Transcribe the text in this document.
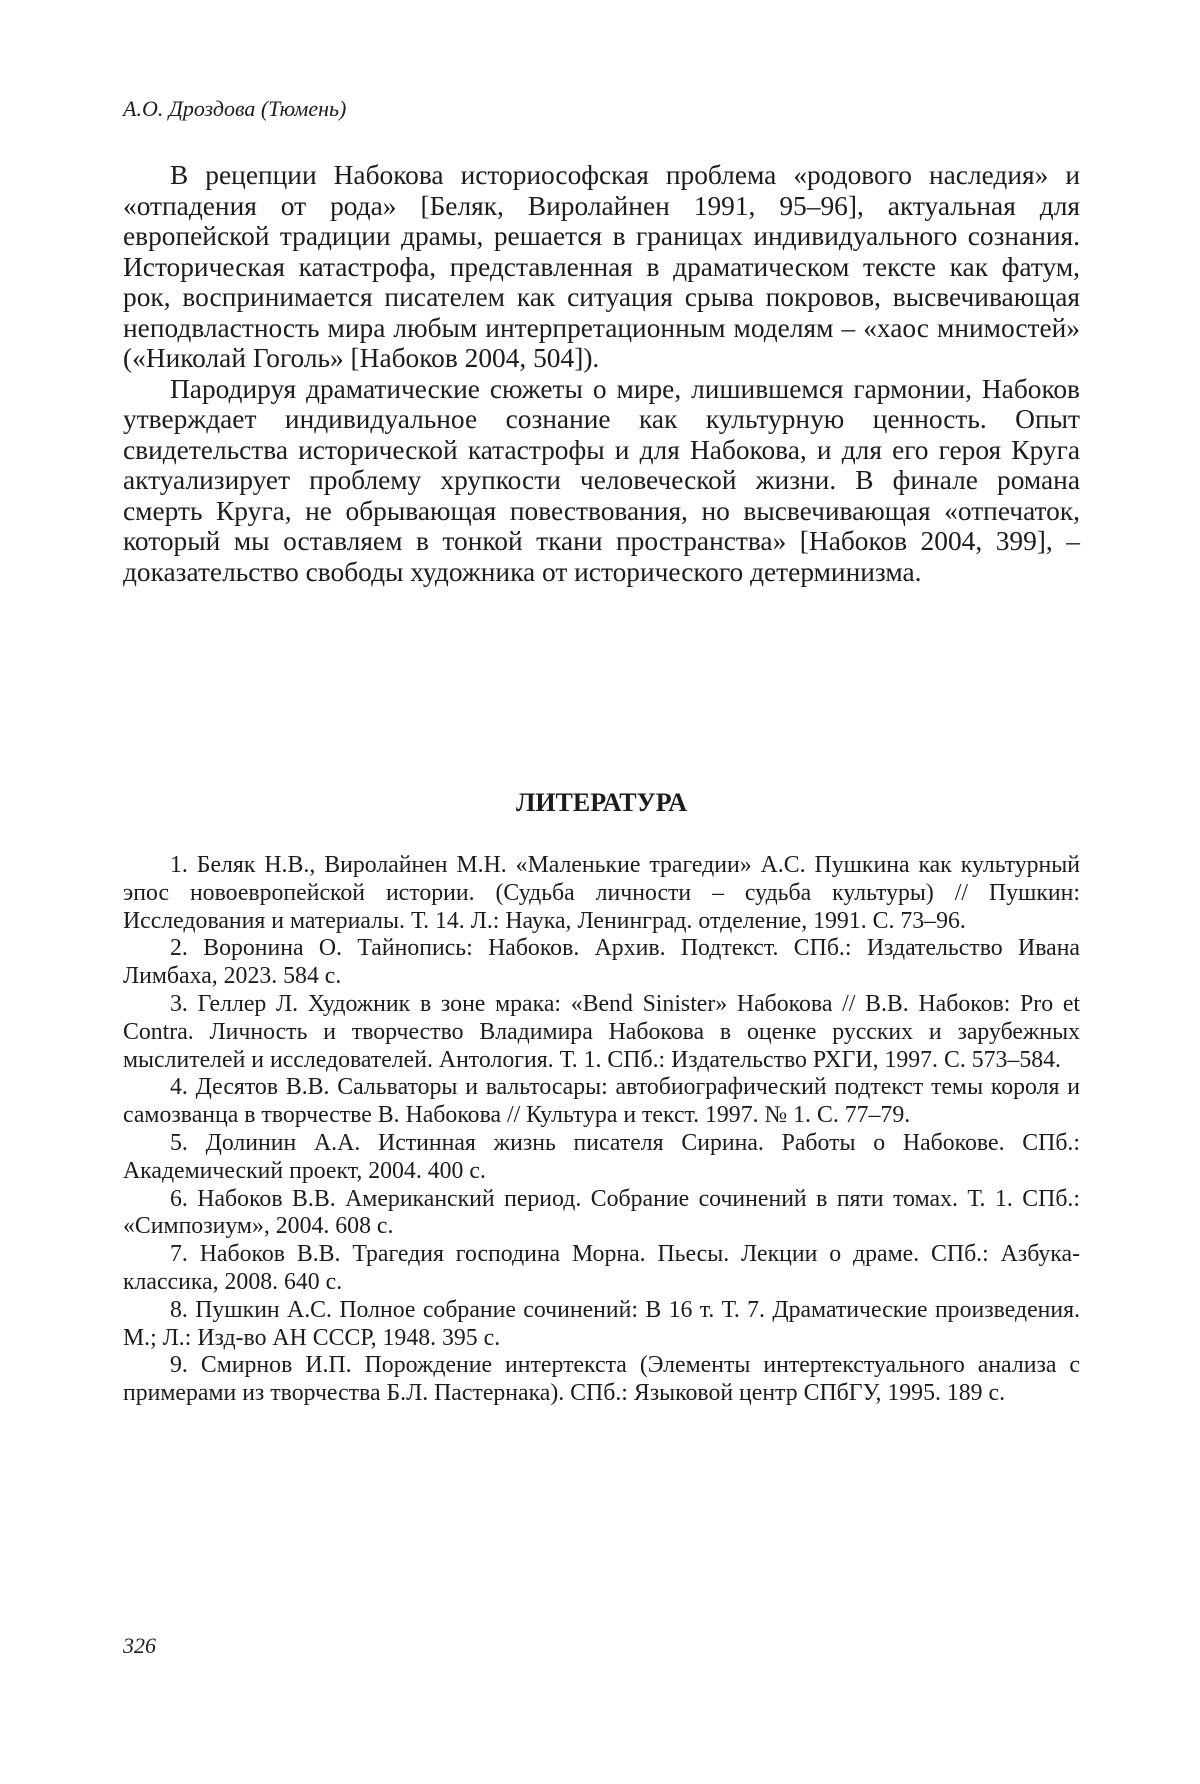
А.О. Дроздова (Тюмень)

В рецепции Набокова историософская проблема «родового наследия» и «отпадения от рода» [Беляк, Виролайнен 1991, 95–96], актуальная для европейской традиции драмы, решается в границах индивидуального сознания. Историческая катастрофа, представленная в драматическом тексте как фатум, рок, воспринимается писателем как ситуация срыва покровов, высвечивающая неподвластность мира любым интерпретационным моделям – «хаос мнимостей» («Николай Гоголь» [Набоков 2004, 504]).

Пародируя драматические сюжеты о мире, лишившемся гармонии, Набоков утверждает индивидуальное сознание как культурную ценность. Опыт свидетельства исторической катастрофы и для Набокова, и для его героя Круга актуализирует проблему хрупкости человеческой жизни. В финале романа смерть Круга, не обрывающая повествования, но высвечивающая «отпечаток, который мы оставляем в тонкой ткани пространства» [Набоков 2004, 399], – доказательство свободы художника от исторического детерминизма.

ЛИТЕРАТУРА

1. Беляк Н.В., Виролайнен М.Н. «Маленькие трагедии» А.С. Пушкина как культурный эпос новоевропейской истории. (Судьба личности – судьба культуры) // Пушкин: Исследования и материалы. Т. 14. Л.: Наука, Ленинград. отделение, 1991. С. 73–96.

2. Воронина О. Тайнопись: Набоков. Архив. Подтекст. СПб.: Издательство Ивана Лимбаха, 2023. 584 с.

3. Геллер Л. Художник в зоне мрака: «Bend Sinister» Набокова // В.В. Набоков: Pro et Contra. Личность и творчество Владимира Набокова в оценке русских и зарубежных мыслителей и исследователей. Антология. Т. 1. СПб.: Издательство РХГИ, 1997. С. 573–584.

4. Десятов В.В. Сальваторы и вальтосары: автобиографический подтекст темы короля и самозванца в творчестве В. Набокова // Культура и текст. 1997. № 1. С. 77–79.

5. Долинин А.А. Истинная жизнь писателя Сирина. Работы о Набокове. СПб.: Академический проект, 2004. 400 с.

6. Набоков В.В. Американский период. Собрание сочинений в пяти томах. Т. 1. СПб.: «Симпозиум», 2004. 608 с.

7. Набоков В.В. Трагедия господина Морна. Пьесы. Лекции о драме. СПб.: Азбука-классика, 2008. 640 с.

8. Пушкин А.С. Полное собрание сочинений: В 16 т. Т. 7. Драматические произведения. М.; Л.: Изд-во АН СССР, 1948. 395 с.

9. Смирнов И.П. Порождение интертекста (Элементы интертекстуального анализа с примерами из творчества Б.Л. Пастернака). СПб.: Языковой центр СПбГУ, 1995. 189 с.

326
